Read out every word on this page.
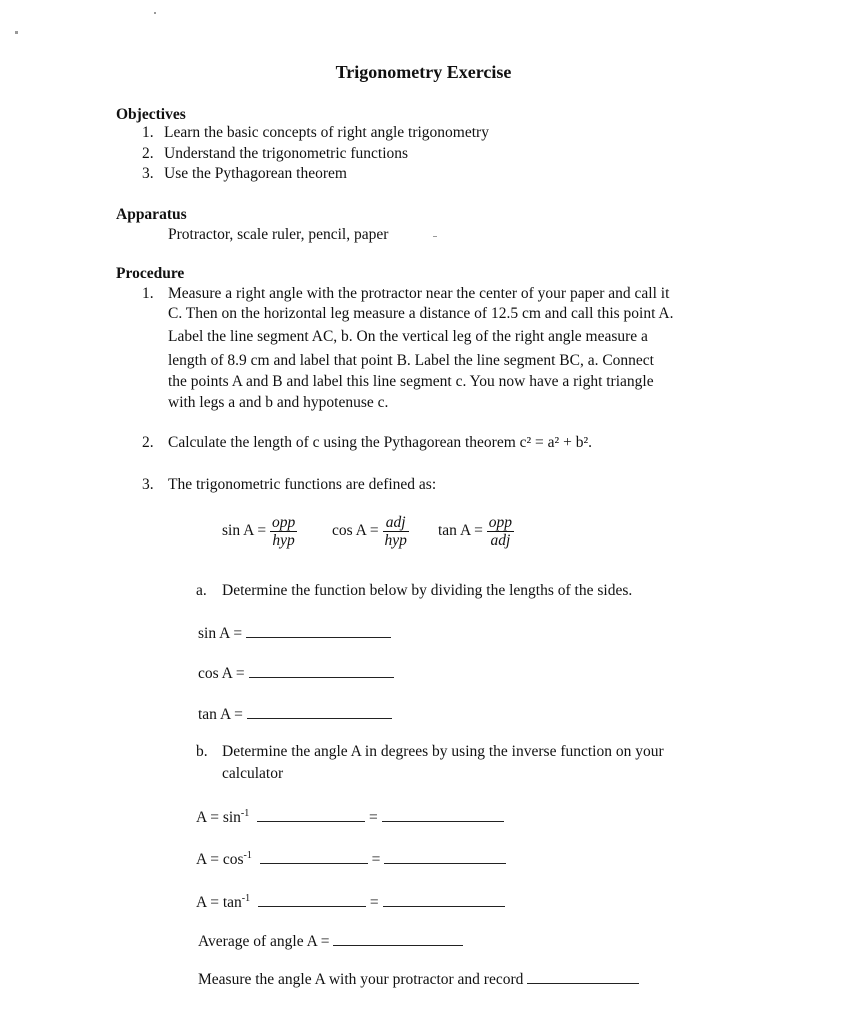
Trigonometry Exercise
Objectives
1. Learn the basic concepts of right angle trigonometry
2. Understand the trigonometric functions
3. Use the Pythagorean theorem
Apparatus
Protractor, scale ruler, pencil, paper
Procedure
1. Measure a right angle with the protractor near the center of your paper and call it
C. Then on the horizontal leg measure a distance of 12.5 cm and call this point A.
Label the line segment AC, b. On the vertical leg of the right angle measure a
length of 8.9 cm and label that point B. Label the line segment BC, a. Connect
the points A and B and label this line segment c. You now have a right triangle
with legs a and b and hypotenuse c.
2. Calculate the length of c using the Pythagorean theorem c² = a² + b².
3. The trigonometric functions are defined as:
$\sin A = \frac{\text{opp}}{\text{hyp}}$ $\cos A = \frac{\text{adj}}{\text{hyp}}$ $\tan A = \frac{\text{opp}}{\text{adj}}$
a. Determine the function below by dividing the lengths of the sides.
sin A =
cos A =
tan A =
b. Determine the angle A in degrees by using the inverse function on your
calculator
$A = \sin^{-1}$	=
$A = \cos^{-1}$	=
$A = \tan^{-1}$	=
Average of angle A =
Measure the angle A with your protractor and record
